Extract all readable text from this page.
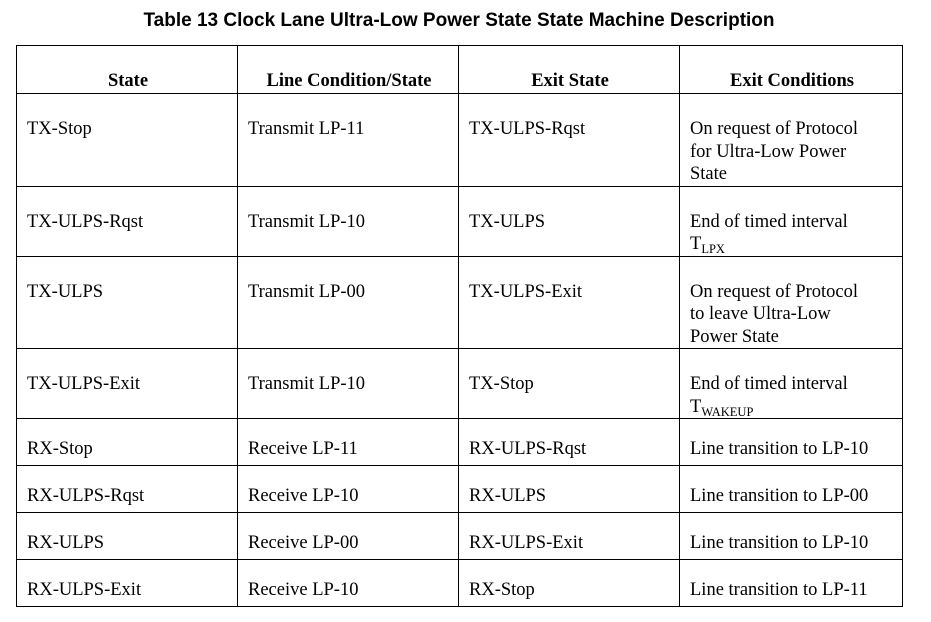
Table 13 Clock Lane Ultra-Low Power State State Machine Description
State	Line Condition/State	Exit State	Exit Conditions
TX-Stop	Transmit LP-11	TX-ULPS-Rqst	On request of Protocol
for Ultra-Low Power
State
TX-ULPS-Rqst	Transmit LP-10	TX-ULPS	End of timed interval
$T_{LPX}$
TX-ULPS	Transmit LP-00	TX-ULPS-Exit	On request of Protocol
to leave Ultra-Low
Power State
TX-ULPS-Exit	Transmit LP-10	TX-Stop	End of timed interval
$T_{WAKEUP}$
RX-Stop	Receive LP-11	RX-ULPS-Rqst	Line transition to LP-10
RX-ULPS-Rqst	Receive LP-10	RX-ULPS	Line transition to LP-00
RX-ULPS	Receive LP-00	RX-ULPS-Exit	Line transition to LP-10
RX-ULPS-Exit	Receive LP-10	RX-Stop	Line transition to LP-11
